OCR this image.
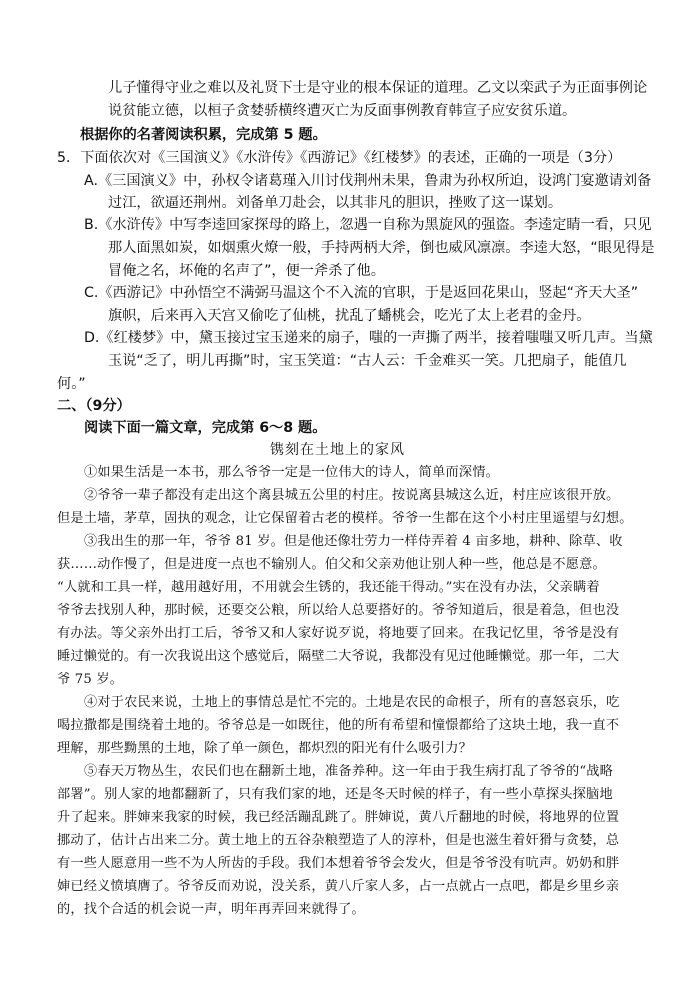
儿子懂得守业之难以及礼贤下士是守业的根本保证的道理。乙文以栾武子为正面事例论
说贫能立德，以桓子贪婪骄横终遭灭亡为反面事例教育韩宣子应安贫乐道。
根据你的名著阅读积累，完成第 5 题。
5．下面依次对《三国演义》《水浒传》《西游记》《红楼梦》的表述，正确的一项是（3分）
A.《三国演义》中，孙权令诸葛瑾入川讨伐荆州未果，鲁肃为孙权所迫，设鸿门宴邀请刘备
过江，欲逼还荆州。刘备单刀赴会，以其非凡的胆识，挫败了这一谋划。
B.《水浒传》中写李逵回家探母的路上，忽遇一自称为黑旋风的强盗。李逵定睛一看，只见
那人面黑如炭，如烟熏火燎一般，手持两柄大斧，倒也威风凛凛。李逵大怒，“眼见得是
冒俺之名，坏俺的名声了”，便一斧杀了他。
C.《西游记》中孙悟空不满弼马温这个不入流的官职，于是返回花果山，竖起“齐天大圣”
旗帜，后来再入天宫又偷吃了仙桃，扰乱了蟠桃会，吃光了太上老君的金丹。
D.《红楼梦》中，黛玉接过宝玉递来的扇子，嗤的一声撕了两半，接着嗤嗤又听几声。当黛
玉说“乏了，明儿再撕”时，宝玉笑道：“古人云：千金难买一笑。几把扇子，能值几
何。”
二、（9分）
阅读下面一篇文章，完成第 6～8 题。
镌刻在土地上的家风
①如果生活是一本书，那么爷爷一定是一位伟大的诗人，简单而深情。
②爷爷一辈子都没有走出这个离县城五公里的村庄。按说离县城这么近，村庄应该很开放。
但是土墙，茅草，固执的观念，让它保留着古老的模样。爷爷一生都在这个小村庄里遥望与幻想。
③我出生的那一年，爷爷 81 岁。但是他还像壮劳力一样侍弄着 4 亩多地，耕种、除草、收
获……动作慢了，但是进度一点也不输别人。伯父和父亲劝他让别人种一些，他总是不愿意。
“人就和工具一样，越用越好用，不用就会生锈的，我还能干得动。”实在没有办法，父亲瞒着
爷爷去找别人种，那时候，还要交公粮，所以给人总要搭好的。爷爷知道后，很是着急，但也没
有办法。等父亲外出打工后，爷爷又和人家好说歹说，将地要了回来。在我记忆里，爷爷是没有
睡过懒觉的。有一次我说出这个感觉后，隔壁二大爷说，我都没有见过他睡懒觉。那一年，二大
爷 75 岁。
④对于农民来说，土地上的事情总是忙不完的。土地是农民的命根子，所有的喜怒哀乐，吃
喝拉撒都是围绕着土地的。爷爷总是一如既往，他的所有希望和憧憬都给了这块土地，我一直不
理解，那些黝黑的土地，除了单一颜色，都炽烈的阳光有什么吸引力？
⑤春天万物丛生，农民们也在翻新土地，准备养种。这一年由于我生病打乱了爷爷的“战略
部署”。别人家的地都翻新了，只有我们家的地，还是冬天时候的样子，有一些小草探头探脑地
升了起来。胖婶来我家的时候，我已经活蹦乱跳了。胖婶说，黄八斤翻地的时候，将地界的位置
挪动了，估计占出来二分。黄土地上的五谷杂粮塑造了人的淳朴，但是也滋生着奸猾与贪婪，总
有一些人愿意用一些不为人所齿的手段。我们本想着爷爷会发火，但是爷爷没有吭声。奶奶和胖
婶已经义愤填膺了。爷爷反而劝说，没关系，黄八斤家人多，占一点就占一点吧，都是乡里乡亲
的，找个合适的机会说一声，明年再弄回来就得了。
